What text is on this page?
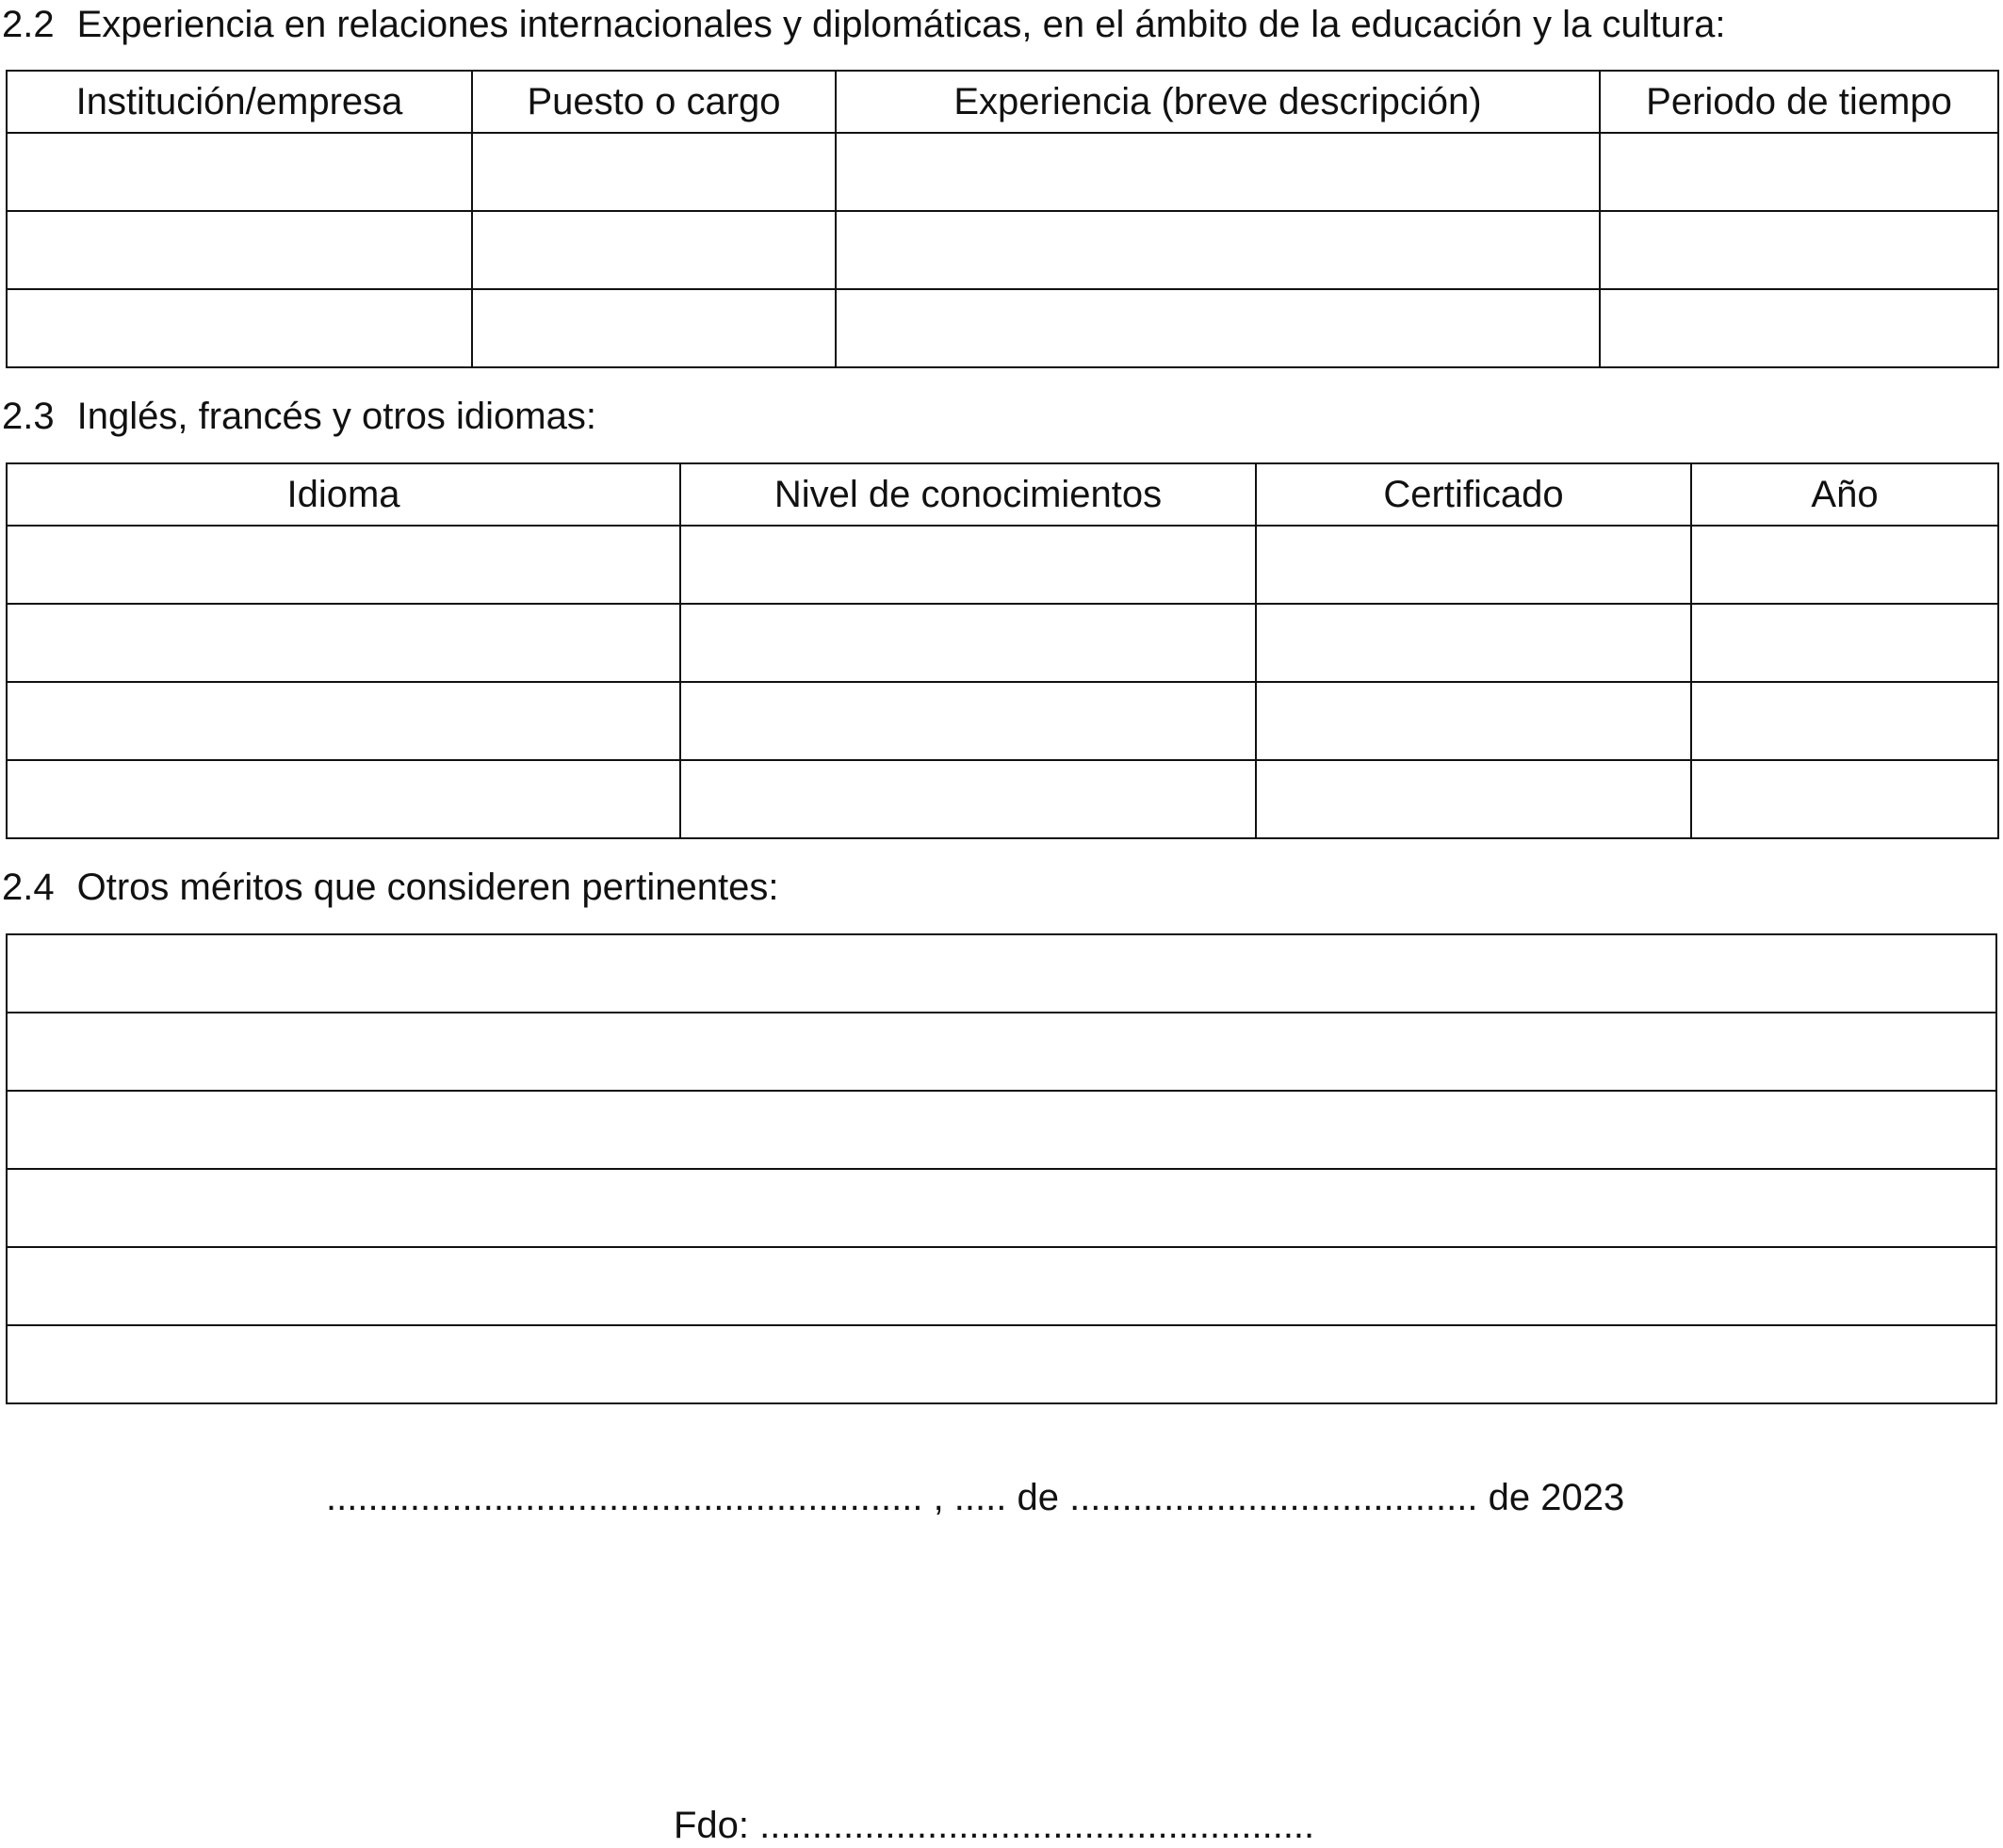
2.2 Experiencia en relaciones internacionales y diplomáticas, en el ámbito de la educación y la cultura:
Institución/empresa	Puesto o cargo	Experiencia (breve descripción)	Periodo de tiempo

2.3 Inglés, francés y otros idiomas:
Idioma	Nivel de conocimientos	Certificado	Año

2.4 Otros méritos que consideren pertinentes:

......................................................... , ..... de ....................................... de 2023
Fdo: .....................................................
